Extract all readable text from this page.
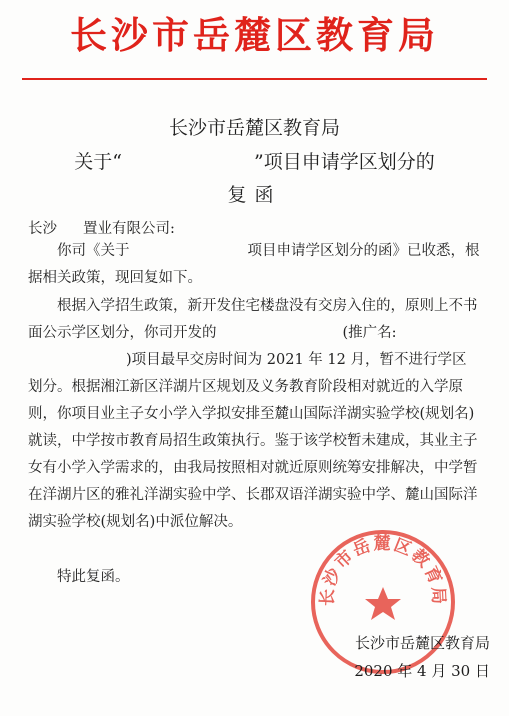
长沙市岳麓区教育局
长沙市岳麓区教育局
关于“	”项目申请学区划分的
复函
长沙 置业有限公司:
你司《关于	项目申请学区划分的函》已收悉，根据相关政策，现回复如下。
根据入学招生政策，新开发住宅楼盘没有交房入住的，原则上不书面公示学区划分，你司开发的	(推广名:)项目最早交房时间为 2021 年 12 月，暂不进行学区划分。根据湘江新区洋湖片区规划及义务教育阶段相对就近的入学原则，你项目业主子女小学入学拟安排至麓山国际洋湖实验学校(规划名)就读，中学按市教育局招生政策执行。鉴于该学校暂未建成，其业主子女有小学入学需求的，由我局按照相对就近原则统筹安排解决，中学暂在洋湖片区的雅礼洋湖实验中学、长郡双语洋湖实验中学、麓山国际洋湖实验学校(规划名)中派位解决。
特此复函。
长沙市岳麓区教育局
长沙市岳麓区教育局
2020 年 4 月 30 日
